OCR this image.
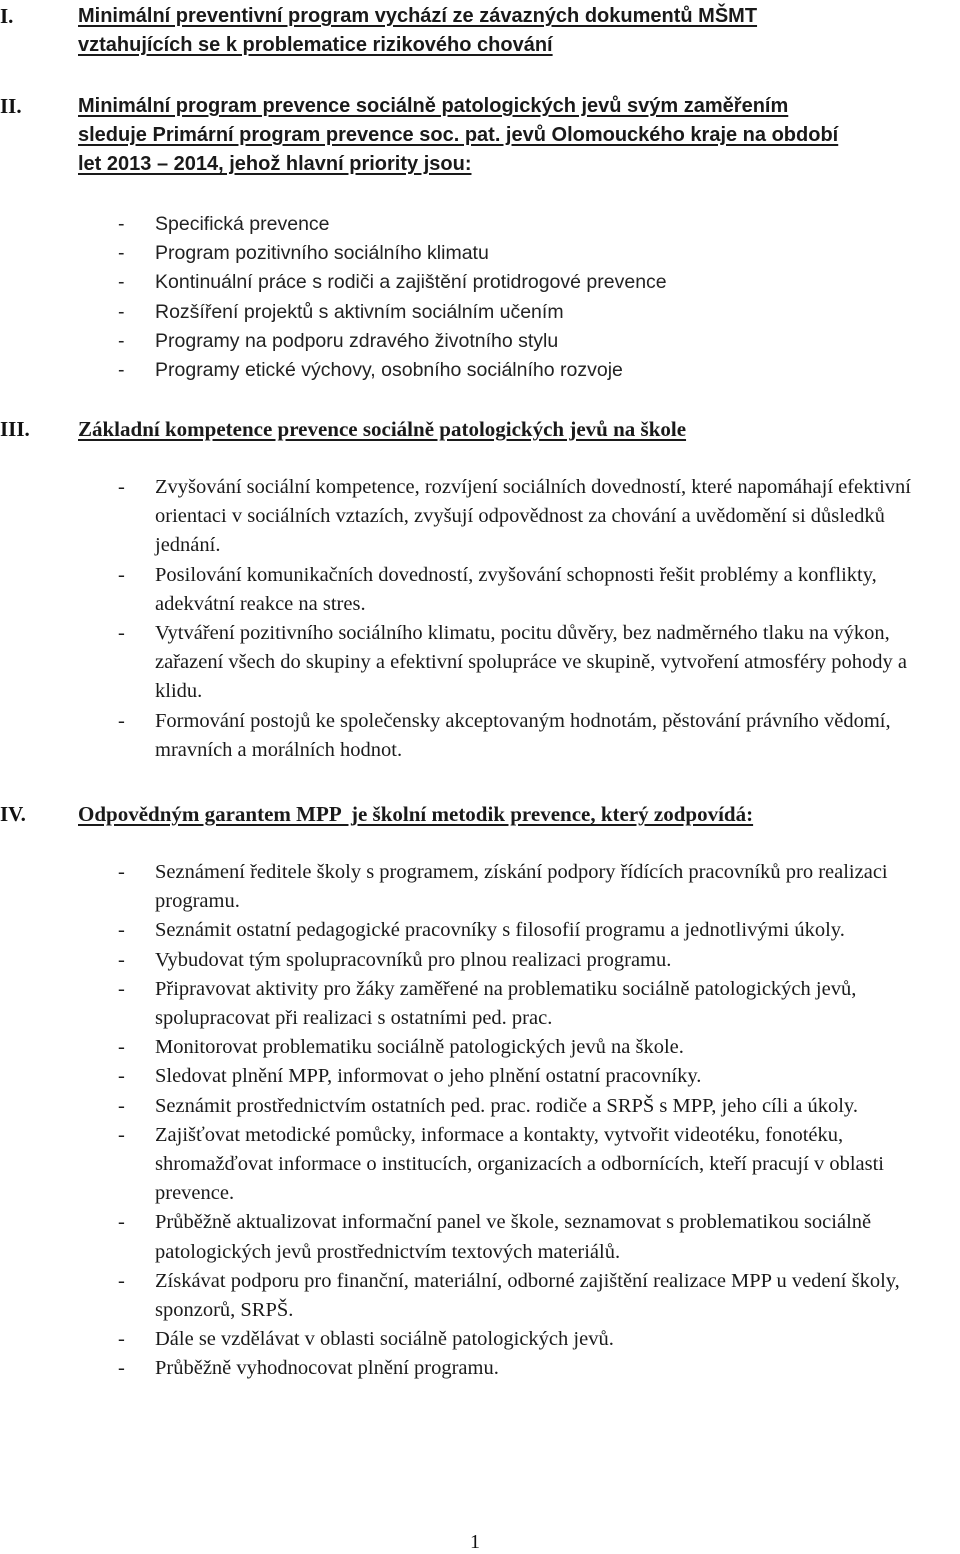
I.	Minimální preventivní program vychází ze závazných dokumentů MŠMT
vztahujících se k problematice rizikového chování
II.	Minimální program prevence sociálně patologických jevů svým zaměřením
sleduje Primární program prevence soc. pat. jevů Olomouckého kraje na období
let 2013 – 2014, jehož hlavní priority jsou:
- Specifická prevence
- Program pozitivního sociálního klimatu
- Kontinuální práce s rodiči a zajištění protidrogové prevence
- Rozšíření projektů s aktivním sociálním učením
- Programy na podporu zdravého životního stylu
- Programy etické výchovy, osobního sociálního rozvoje
III. Základní kompetence prevence sociálně patologických jevů na škole
- Zvyšování sociální kompetence, rozvíjení sociálních dovedností, které napomáhají efektivní orientaci v sociálních vztazích, zvyšují odpovědnost za chování a uvědomění si důsledků jednání.
- Posilování komunikačních dovedností, zvyšování schopnosti řešit problémy a konflikty, adekvátní reakce na stres.
- Vytváření pozitivního sociálního klimatu, pocitu důvěry, bez nadměrného tlaku na výkon, zařazení všech do skupiny a efektivní spolupráce ve skupině, vytvoření atmosféry pohody a klidu.
- Formování postojů ke společensky akceptovaným hodnotám, pěstování právního vědomí, mravních a morálních hodnot.
IV. Odpovědným garantem MPP  je školní metodik prevence, který zodpovídá:
- Seznámení ředitele školy s programem, získání podpory řídících pracovníků pro realizaci programu.
- Seznámit ostatní pedagogické pracovníky s filosofií programu a jednotlivými úkoly.
- Vybudovat tým spolupracovníků pro plnou realizaci programu.
- Připravovat aktivity pro žáky zaměřené na problematiku sociálně patologických jevů, spolupracovat při realizaci s ostatními ped. prac.
- Monitorovat problematiku sociálně patologických jevů na škole.
- Sledovat plnění MPP, informovat o jeho plnění ostatní pracovníky.
- Seznámit prostřednictvím ostatních ped. prac. rodiče a SRPŠ s MPP, jeho cíli a úkoly.
- Zajišťovat metodické pomůcky, informace a kontakty, vytvořit videotéku, fonotéku, shromažďovat informace o institucích, organizacích a odbornících, kteří pracují v oblasti prevence.
- Průběžně aktualizovat informační panel ve škole, seznamovat s problematikou sociálně patologických jevů prostřednictvím textových materiálů.
- Získávat podporu pro finanční, materiální, odborné zajištění realizace MPP u vedení školy, sponzorů, SRPŠ.
- Dále se vzdělávat v oblasti sociálně patologických jevů.
- Průběžně vyhodnocovat plnění programu.
1
